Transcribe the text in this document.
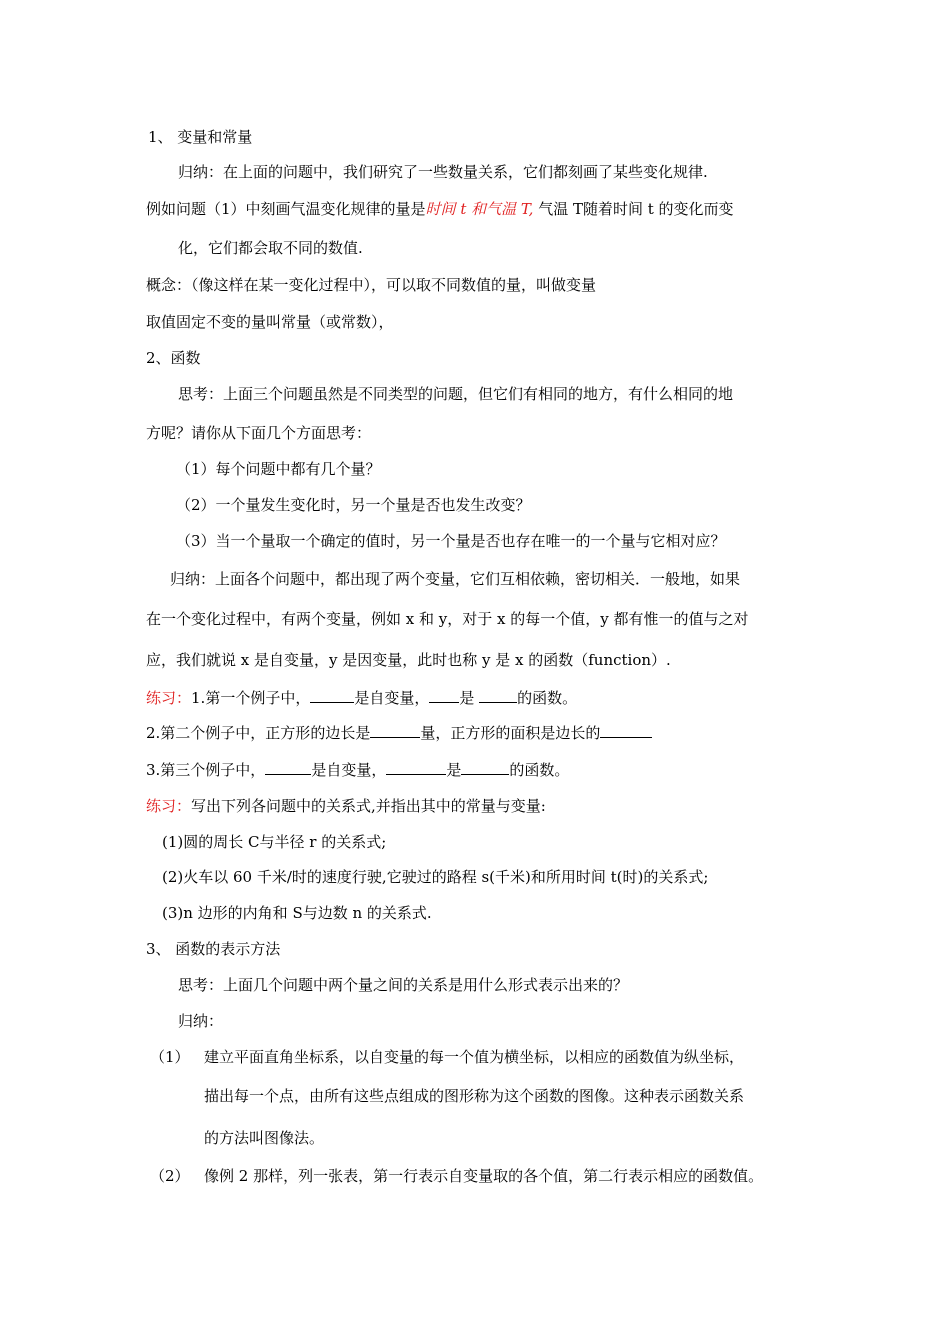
1、 变量和常量
归纳：在上面的问题中，我们研究了一些数量关系，它们都刻画了某些变化规律.
例如问题（1）中刻画气温变化规律的量是时间 t 和气温 T, 气温 T随着时间 t 的变化而变
化，它们都会取不同的数值.
概念：（像这样在某一变化过程中），可以取不同数值的量，叫做变量
取值固定不变的量叫常量（或常数），
2、函数
思考：上面三个问题虽然是不同类型的问题，但它们有相同的地方，有什么相同的地
方呢？请你从下面几个方面思考：
（1）每个问题中都有几个量？
（2）一个量发生变化时，另一个量是否也发生改变？
（3）当一个量取一个确定的值时，另一个量是否也存在唯一的一个量与它相对应？
归纳：上面各个问题中，都出现了两个变量，它们互相依赖，密切相关．一般地，如果
在一个变化过程中，有两个变量，例如 x 和 y，对于 x 的每一个值，y 都有惟一的值与之对
应，我们就说 x 是自变量，y 是因变量，此时也称 y 是 x 的函数（function）.
练习：1.第一个例子中，	是自变量， 是	的函数。
2.第二个例子中，正方形的边长是	量，正方形的面积是边长的
3.第三个例子中，	是自变量，	是	的函数。
练习：写出下列各问题中的关系式,并指出其中的常量与变量:
(1)圆的周长 C与半径 r 的关系式;
(2)火车以 60 千米/时的速度行驶,它驶过的路程 s(千米)和所用时间 t(时)的关系式;
(3)n 边形的内角和 S与边数 n 的关系式.
3、 函数的表示方法
思考：上面几个问题中两个量之间的关系是用什么形式表示出来的？
归纳：
（1） 建立平面直角坐标系，以自变量的每一个值为横坐标，以相应的函数值为纵坐标，
描出每一个点，由所有这些点组成的图形称为这个函数的图像。这种表示函数关系
的方法叫图像法。
（2） 像例 2 那样，列一张表，第一行表示自变量取的各个值，第二行表示相应的函数值。
